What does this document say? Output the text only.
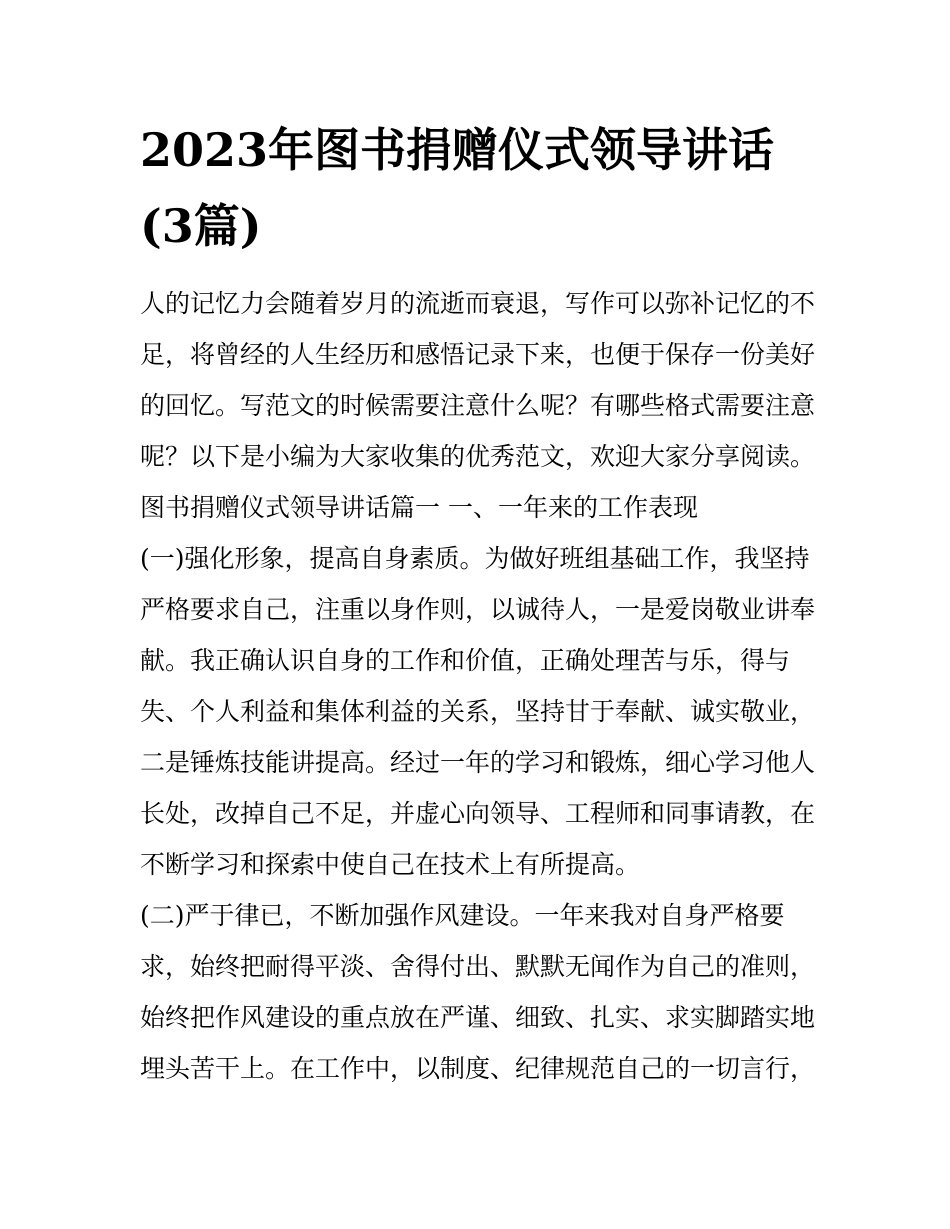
2023年图书捐赠仪式领导讲话
(3篇)
人的记忆力会随着岁月的流逝而衰退，写作可以弥补记忆的不
足，将曾经的人生经历和感悟记录下来，也便于保存一份美好
的回忆。写范文的时候需要注意什么呢？有哪些格式需要注意
呢？以下是小编为大家收集的优秀范文，欢迎大家分享阅读。
图书捐赠仪式领导讲话篇一 一、一年来的工作表现
(一)强化形象，提高自身素质。为做好班组基础工作，我坚持
严格要求自己，注重以身作则，以诚待人，一是爱岗敬业讲奉
献。我正确认识自身的工作和价值，正确处理苦与乐，得与
失、个人利益和集体利益的关系，坚持甘于奉献、诚实敬业，
二是锤炼技能讲提高。经过一年的学习和锻炼，细心学习他人
长处，改掉自己不足，并虚心向领导、工程师和同事请教，在
不断学习和探索中使自己在技术上有所提高。
(二)严于律已，不断加强作风建设。一年来我对自身严格要
求，始终把耐得平淡、舍得付出、默默无闻作为自己的准则，
始终把作风建设的重点放在严谨、细致、扎实、求实脚踏实地
埋头苦干上。在工作中，以制度、纪律规范自己的一切言行，
